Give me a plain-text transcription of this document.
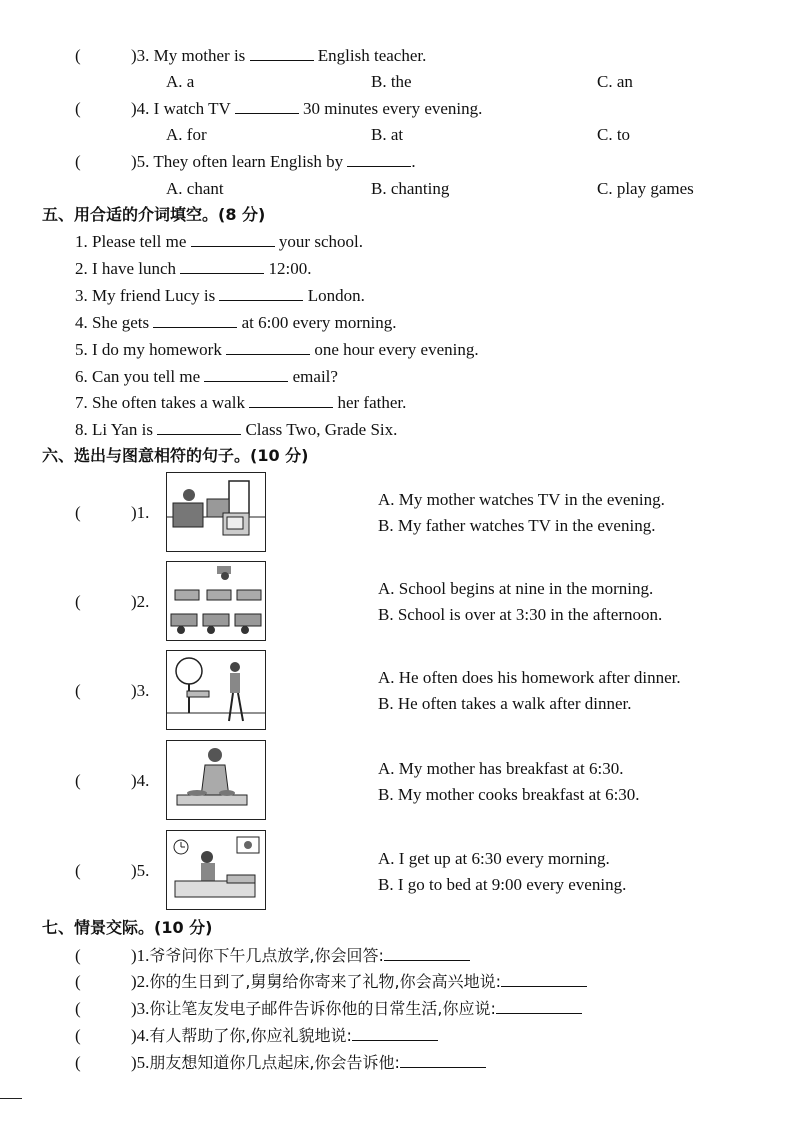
(	)3. My mother is	English teacher.
A. a	B. the	C. an
(	)4. I watch TV	30 minutes every evening.
A. for	B. at	C. to
(	)5. They often learn English by	.
A. chant	B. chanting	C. play games
五、用合适的介词填空。(8 分)
1. Please tell me	your school.
2. I have lunch	12:00.
3. My friend Lucy is	London.
4. She gets	at 6:00 every morning.
5. I do my homework	one hour every evening.
6. Can you tell me	email?
7. She often takes a walk	her father.
8. Li Yan is	Class Two, Grade Six.
六、选出与图意相符的句子。(10 分)
(	)1.
A. My mother watches TV in the evening.
B. My father watches TV in the evening.
(	)2.
A. School begins at nine in the morning.
B. School is over at 3:30 in the afternoon.
(	)3.
A. He often does his homework after dinner.
B. He often takes a walk after dinner.
(	)4.
A. My mother has breakfast at 6:30.
B. My mother cooks breakfast at 6:30.
(	)5.
A. I get up at 6:30 every morning.
B. I go to bed at 9:00 every evening.
七、情景交际。(10 分)
(	)1.爷爷问你下午几点放学,你会回答:
(	)2.你的生日到了,舅舅给你寄来了礼物,你会高兴地说:
(	)3.你让笔友发电子邮件告诉你他的日常生活,你应说:
(	)4.有人帮助了你,你应礼貌地说:
(	)5.朋友想知道你几点起床,你会告诉他:
